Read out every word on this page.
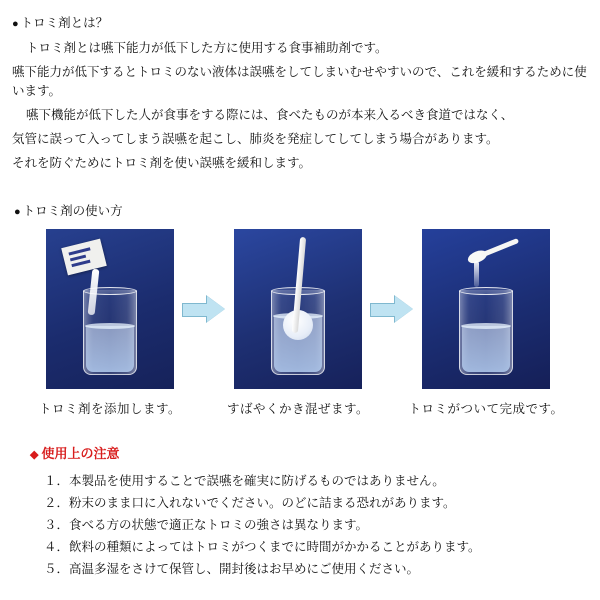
● トロミ剤とは？

トロミ剤とは嚥下能力が低下した方に使用する食事補助剤です。

嚥下能力が低下するとトロミのない液体は誤嚥をしてしまいむせやすいので、これを緩和するために使います。

嚥下機能が低下した人が食事をする際には、食べたものが本来入るべき食道ではなく、

気管に誤って入ってしまう誤嚥を起こし、肺炎を発症してしてしまう場合があります。

それを防ぐためにトロミ剤を使い誤嚥を緩和します。

● トロミ剤の使い方
トロミ剤を添加します。	すばやくかき混ぜます。	トロミがついて完成です。
◆ 使用上の注意
１．本製品を使用することで誤嚥を確実に防げるものではありません。
２．粉末のまま口に入れないでください。のどに詰まる恐れがあります。
３．食べる方の状態で適正なトロミの強さは異なります。
４．飲料の種類によってはトロミがつくまでに時間がかかることがあります。
５．高温多湿をさけて保管し、開封後はお早めにご使用ください。
